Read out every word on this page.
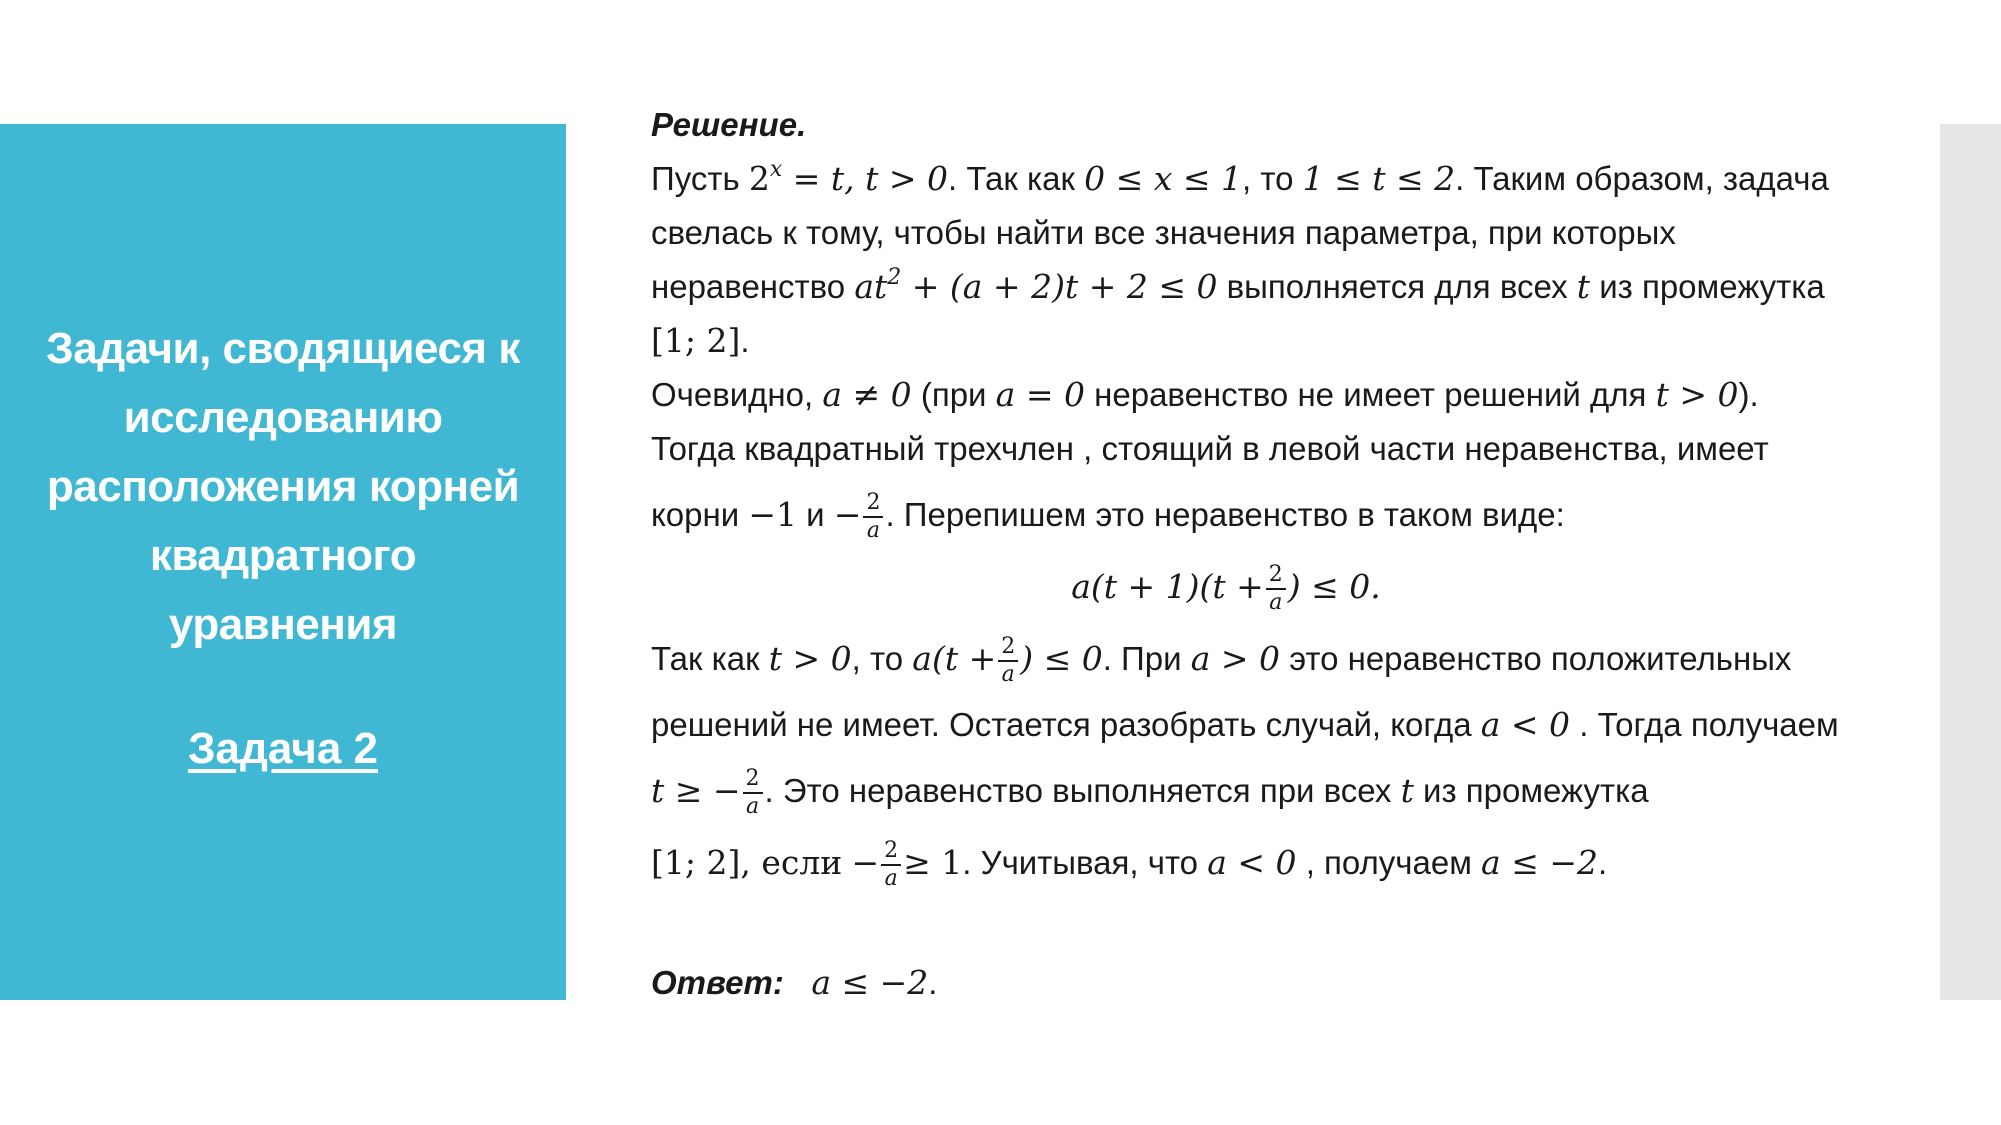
Задачи, сводящиеся к исследованию расположения корней квадратного уравнения
Задача 2
Решение.
Пусть $2^x = t$, t > 0. Так как 0 ≤ x ≤ 1, то 1 ≤ t ≤ 2. Таким образом, задача
свелась к тому, чтобы найти все значения параметра, при которых
неравенство $at^2 + (a + 2)t + 2 \le 0$ выполняется для всех t из промежутка
[1; 2].
Очевидно, a ≠ 0 (при a = 0 неравенство не имеет решений для t > 0).
Тогда квадратный трехчлен , стоящий в левой части неравенства, имеет
корни −1 $и - \frac{2}{a}$ . Перепишем это неравенство в таком виде:
$a(t + 1)(t + \frac{2}{a}$ ) ≤ 0.
Так как t > 0, то $a(t + \frac{2}{a}$ ) ≤ 0. При a > 0 это неравенство положительных
решений не имеет. Остается разобрать случай, когда a < 0 . Тогда получаем
t ≥ − $\frac{2}{a}$ . Это неравенство выполняется при всех t из промежутка
[1; 2], если − $\frac{2}{a} \ge 1$. Учитывая, что a < 0 , получаем a ≤ −2.
Ответ: a ≤ −2.
